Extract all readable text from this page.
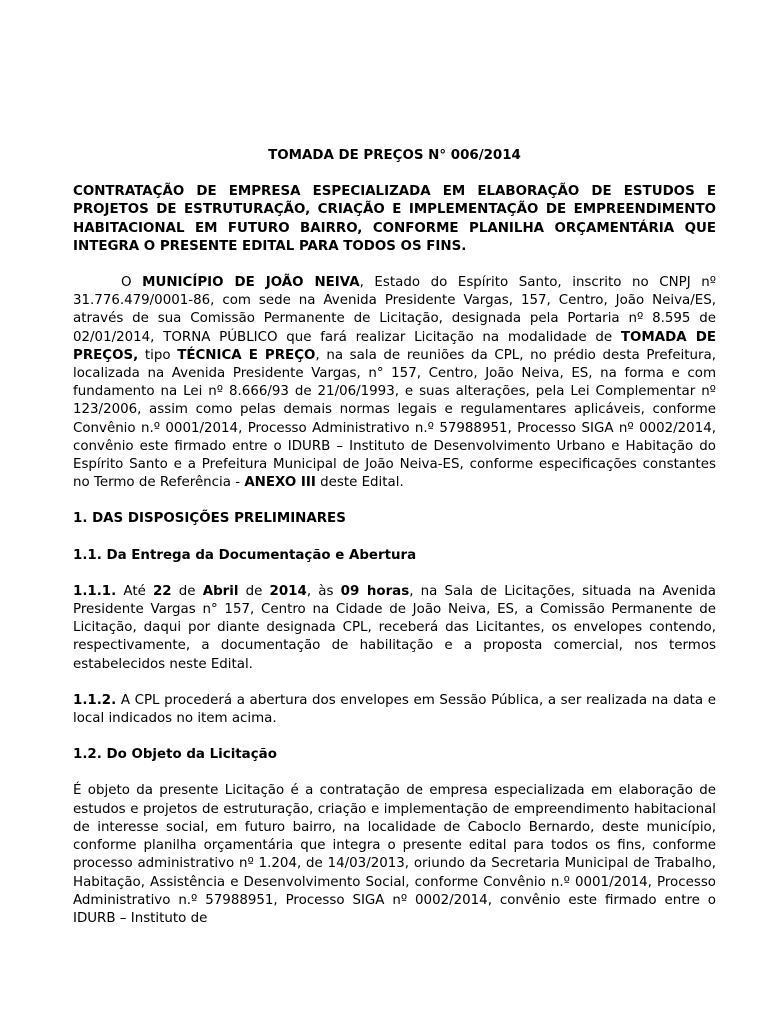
TOMADA DE PREÇOS N° 006/2014
CONTRATAÇÃO DE EMPRESA ESPECIALIZADA EM ELABORAÇÃO DE ESTUDOS E PROJETOS DE ESTRUTURAÇÃO, CRIAÇÃO E IMPLEMENTAÇÃO DE EMPREENDIMENTO HABITACIONAL EM FUTURO BAIRRO, CONFORME PLANILHA ORÇAMENTÁRIA QUE INTEGRA O PRESENTE EDITAL PARA TODOS OS FINS.

O MUNICÍPIO DE JOÃO NEIVA, Estado do Espírito Santo, inscrito no CNPJ nº 31.776.479/0001-86, com sede na Avenida Presidente Vargas, 157, Centro, João Neiva/ES, através de sua Comissão Permanente de Licitação, designada pela Portaria nº 8.595 de 02/01/2014, TORNA PÚBLICO que fará realizar Licitação na modalidade de TOMADA DE PREÇOS, tipo TÉCNICA E PREÇO, na sala de reuniões da CPL, no prédio desta Prefeitura, localizada na Avenida Presidente Vargas, n° 157, Centro, João Neiva, ES, na forma e com fundamento na Lei nº 8.666/93 de 21/06/1993, e suas alterações, pela Lei Complementar nº 123/2006, assim como pelas demais normas legais e regulamentares aplicáveis, conforme Convênio n.º 0001/2014, Processo Administrativo n.º 57988951, Processo SIGA nº 0002/2014, convênio este firmado entre o IDURB – Instituto de Desenvolvimento Urbano e Habitação do Espírito Santo e a Prefeitura Municipal de João Neiva-ES, conforme especificações constantes no Termo de Referência - ANEXO III deste Edital.

1. DAS DISPOSIÇÕES PRELIMINARES
1.1. Da Entrega da Documentação e Abertura

1.1.1. Até 22 de Abril de 2014, às 09 horas, na Sala de Licitações, situada na Avenida Presidente Vargas n° 157, Centro na Cidade de João Neiva, ES, a Comissão Permanente de Licitação, daqui por diante designada CPL, receberá das Licitantes, os envelopes contendo, respectivamente, a documentação de habilitação e a proposta comercial, nos termos estabelecidos neste Edital.

1.1.2. A CPL procederá a abertura dos envelopes em Sessão Pública, a ser realizada na data e local indicados no item acima.

1.2. Do Objeto da Licitação

É objeto da presente Licitação é a contratação de empresa especializada em elaboração de estudos e projetos de estruturação, criação e implementação de empreendimento habitacional de interesse social, em futuro bairro, na localidade de Caboclo Bernardo, deste município, conforme planilha orçamentária que integra o presente edital para todos os fins, conforme processo administrativo nº 1.204, de 14/03/2013, oriundo da Secretaria Municipal de Trabalho, Habitação, Assistência e Desenvolvimento Social, conforme Convênio n.º 0001/2014, Processo Administrativo n.º 57988951, Processo SIGA nº 0002/2014, convênio este firmado entre o IDURB – Instituto de
